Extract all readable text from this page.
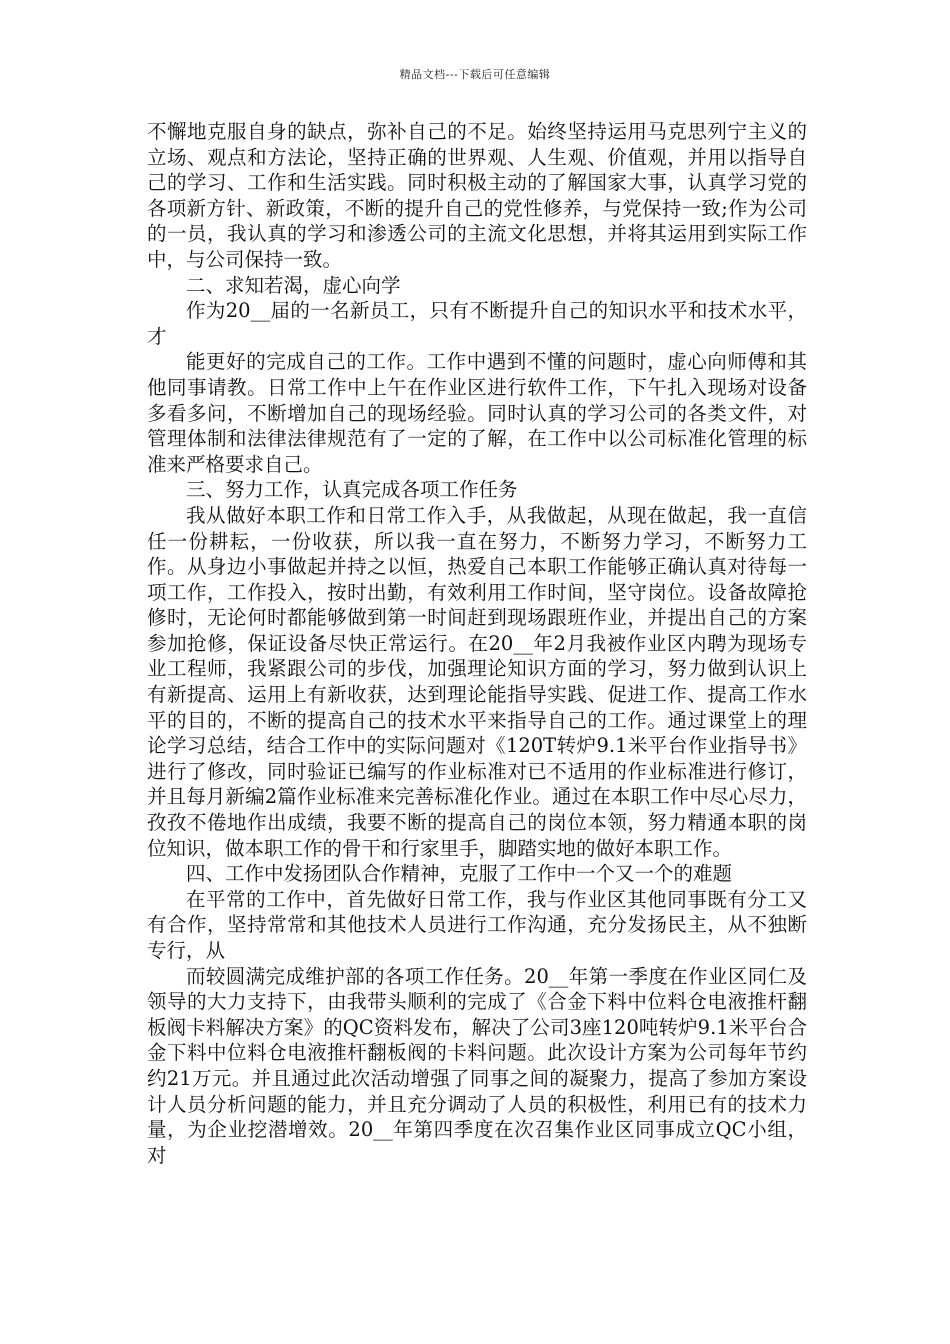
精品文档---下载后可任意编辑

不懈地克服自身的缺点，弥补自己的不足。始终坚持运用马克思列宁主义的立场、观点和方法论，坚持正确的世界观、人生观、价值观，并用以指导自己的学习、工作和生活实践。同时积极主动的了解国家大事，认真学习党的各项新方针、新政策，不断的提升自己的党性修养，与党保持一致;作为公司的一员，我认真的学习和渗透公司的主流文化思想，并将其运用到实际工作中，与公司保持一致。

二、求知若渴，虚心向学

作为20__届的一名新员工，只有不断提升自己的知识水平和技术水平，才

能更好的完成自己的工作。工作中遇到不懂的问题时，虚心向师傅和其他同事请教。日常工作中上午在作业区进行软件工作，下午扎入现场对设备多看多问，不断增加自己的现场经验。同时认真的学习公司的各类文件，对管理体制和法律法律规范有了一定的了解，在工作中以公司标准化管理的标准来严格要求自己。

三、努力工作，认真完成各项工作任务

我从做好本职工作和日常工作入手，从我做起，从现在做起，我一直信任一份耕耘，一份收获，所以我一直在努力，不断努力学习，不断努力工作。从身边小事做起并持之以恒，热爱自己本职工作能够正确认真对待每一项工作，工作投入，按时出勤，有效利用工作时间，坚守岗位。设备故障抢修时，无论何时都能够做到第一时间赶到现场跟班作业，并提出自己的方案参加抢修，保证设备尽快正常运行。在20__年2月我被作业区内聘为现场专业工程师，我紧跟公司的步伐，加强理论知识方面的学习，努力做到认识上有新提高、运用上有新收获，达到理论能指导实践、促进工作、提高工作水平的目的，不断的提高自己的技术水平来指导自己的工作。通过课堂上的理论学习总结，结合工作中的实际问题对《120T转炉9.1米平台作业指导书》进行了修改，同时验证已编写的作业标准对已不适用的作业标准进行修订，并且每月新编2篇作业标准来完善标准化作业。通过在本职工作中尽心尽力，孜孜不倦地作出成绩，我要不断的提高自己的岗位本领，努力精通本职的岗位知识，做本职工作的骨干和行家里手，脚踏实地的做好本职工作。

四、工作中发扬团队合作精神，克服了工作中一个又一个的难题

在平常的工作中，首先做好日常工作，我与作业区其他同事既有分工又有合作，坚持常常和其他技术人员进行工作沟通，充分发扬民主，从不独断专行，从

而较圆满完成维护部的各项工作任务。20__年第一季度在作业区同仁及领导的大力支持下，由我带头顺利的完成了《合金下料中位料仓电液推杆翻板阀卡料解决方案》的QC资料发布，解决了公司3座120吨转炉9.1米平台合金下料中位料仓电液推杆翻板阀的卡料问题。此次设计方案为公司每年节约约21万元。并且通过此次活动增强了同事之间的凝聚力，提高了参加方案设计人员分析问题的能力，并且充分调动了人员的积极性，利用已有的技术力量，为企业挖潜增效。20__年第四季度在次召集作业区同事成立QC小组，对
